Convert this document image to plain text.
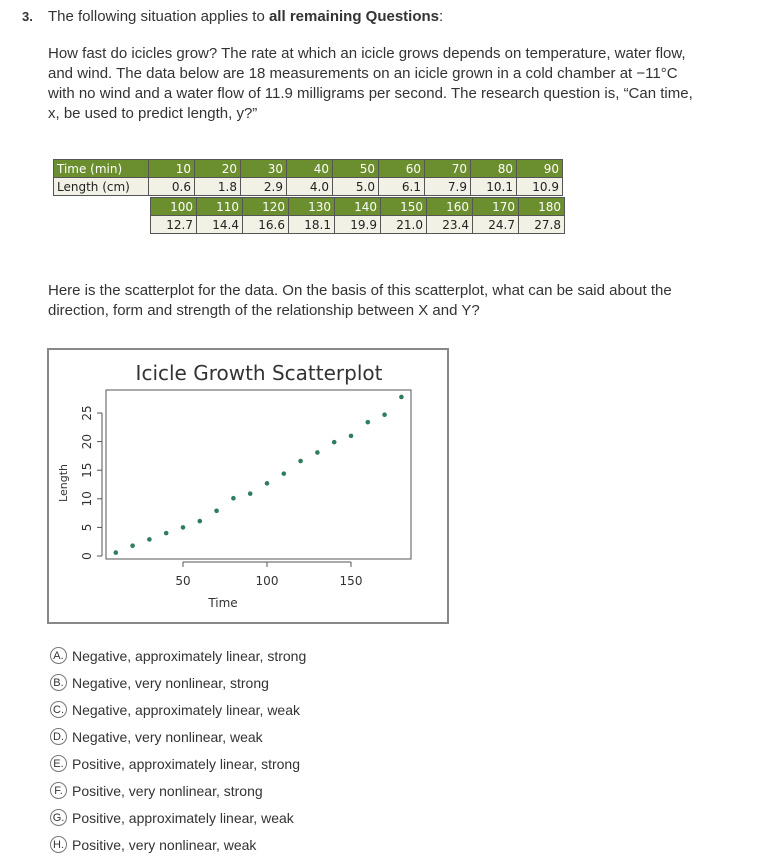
3. The following situation applies to all remaining Questions:
How fast do icicles grow? The rate at which an icicle grows depends on temperature, water flow, and wind. The data below are 18 measurements on an icicle grown in a cold chamber at −11°C with no wind and a water flow of 11.9 milligrams per second. The research question is, “Can time, x, be used to predict length, y?”
Time (min)	10	20	30	40	50	60	70	80	90
Length (cm)	0.6	1.8	2.9	4.0	5.0	6.1	7.9	10.1	10.9
100	110	120	130	140	150	160	170	180
12.7	14.4	16.6	18.1	19.9	21.0	23.4	24.7	27.8
Here is the scatterplot for the data. On the basis of this scatterplot, what can be said about the direction, form and strength of the relationship between X and Y?
Icicle Growth Scatterplot
50	100	150
0
5
10
15
20
25
Time
Length
A. Negative, approximately linear, strong
B. Negative, very nonlinear, strong
C. Negative, approximately linear, weak
D. Negative, very nonlinear, weak
E. Positive, approximately linear, strong
F. Positive, very nonlinear, strong
G. Positive, approximately linear, weak
H. Positive, very nonlinear, weak
